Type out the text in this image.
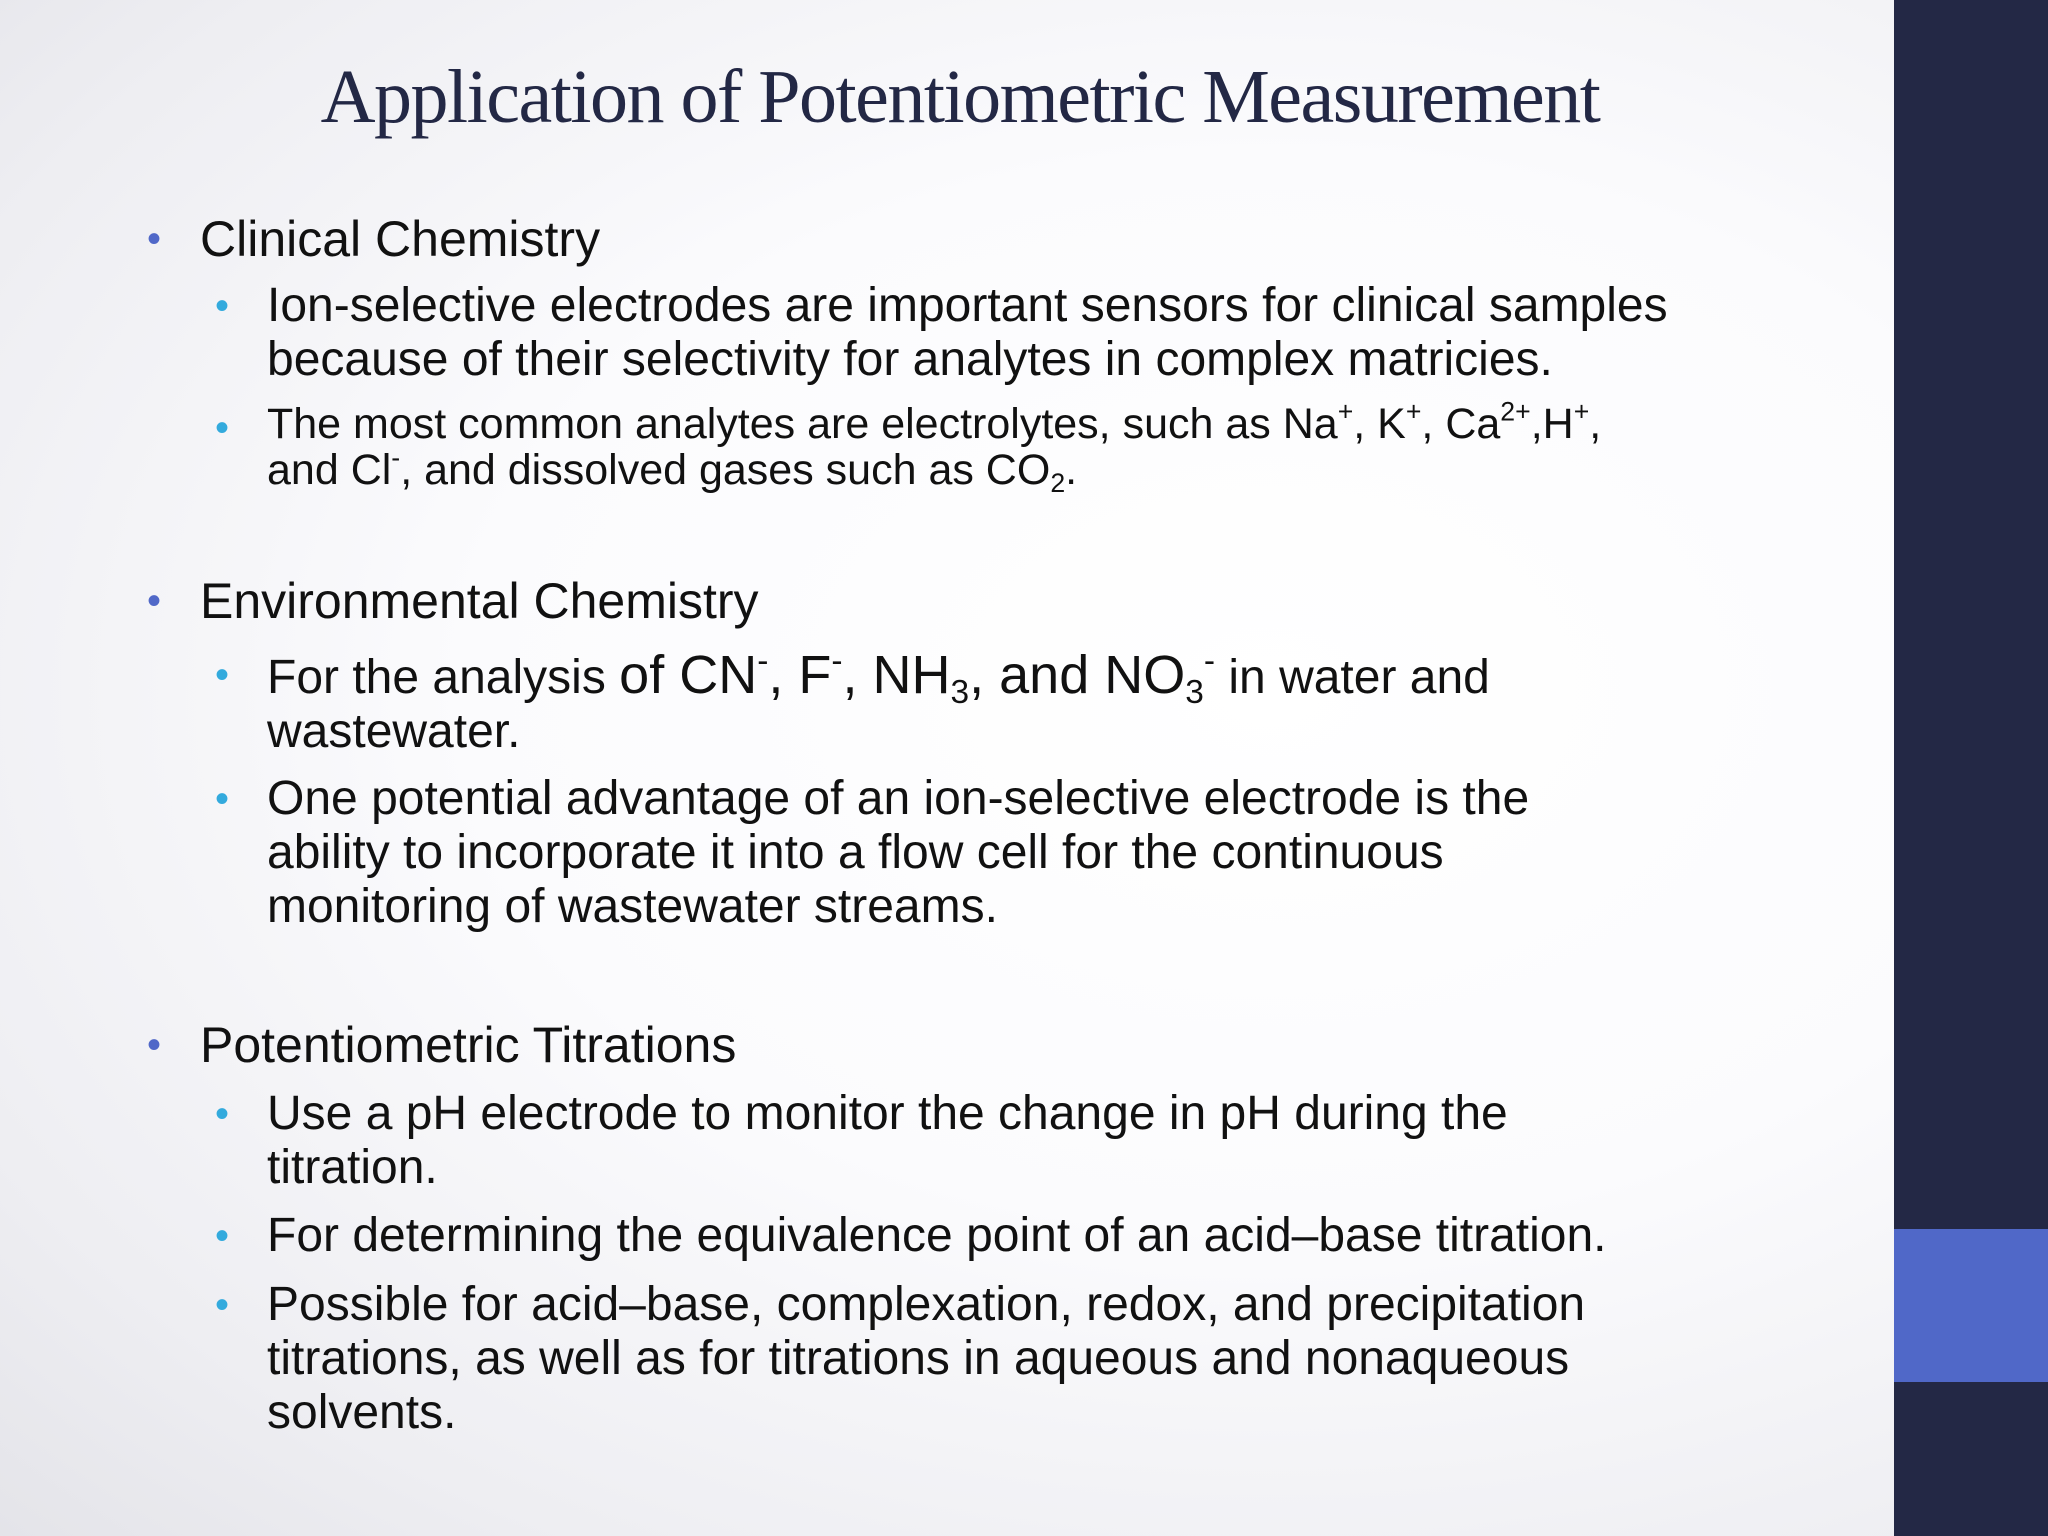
Application of Potentiometric Measurement
• Clinical Chemistry
• Ion-selective electrodes are important sensors for clinical samples
because of their selectivity for analytes in complex matricies.
• The most common analytes are electrolytes, such as Na+, K+, $Ca^{2+},H^+$,
and Cl-, and dissolved gases such as $CO_2$.
• Environmental Chemistry
• For the analysis of CN-, F-, $NH_3$, and $NO_3^-$ in water and
wastewater.
• One potential advantage of an ion-selective electrode is the
ability to incorporate it into a flow cell for the continuous
monitoring of wastewater streams.
• Potentiometric Titrations
• Use a pH electrode to monitor the change in pH during the
titration.
• For determining the equivalence point of an acid–base titration.
• Possible for acid–base, complexation, redox, and precipitation
titrations, as well as for titrations in aqueous and nonaqueous
solvents.
